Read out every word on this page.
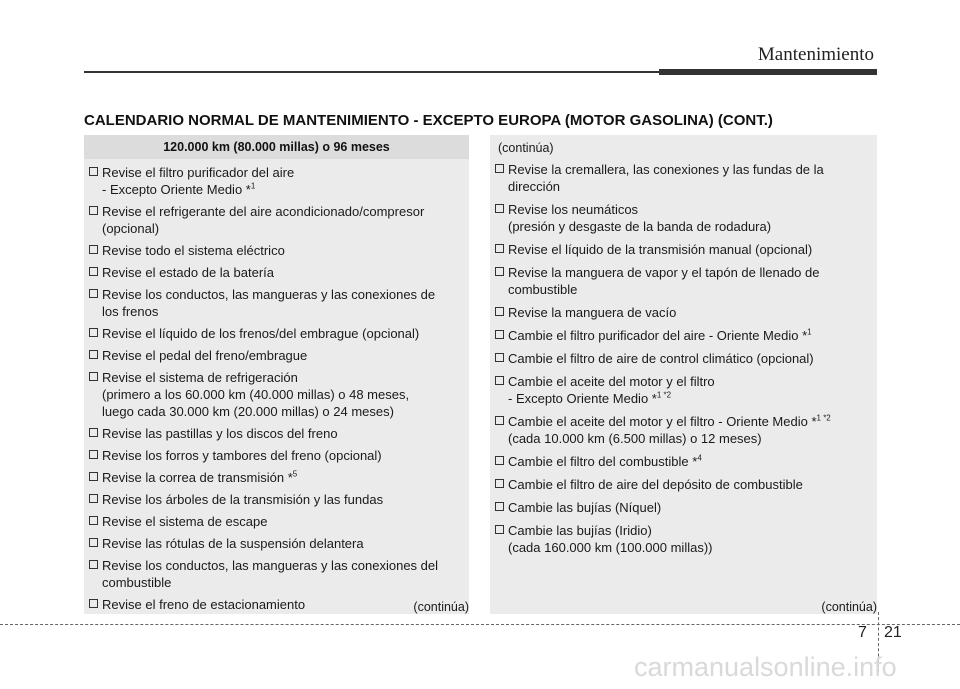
Mantenimiento
CALENDARIO NORMAL DE MANTENIMIENTO - EXCEPTO EUROPA (MOTOR GASOLINA) (CONT.)
120.000 km (80.000 millas) o 96 meses
Revise el filtro purificador del aire
- Excepto Oriente Medio *$^1$
Revise el refrigerante del aire acondicionado/compresor
(opcional)
Revise todo el sistema eléctrico
Revise el estado de la batería
Revise los conductos, las mangueras y las conexiones de
los frenos
Revise el líquido de los frenos/del embrague (opcional)
Revise el pedal del freno/embrague
Revise el sistema de refrigeración
(primero a los 60.000 km (40.000 millas) o 48 meses,
luego cada 30.000 km (20.000 millas) o 24 meses)
Revise las pastillas y los discos del freno
Revise los forros y tambores del freno (opcional)
Revise la correa de transmisión *$^5$
Revise los árboles de la transmisión y las fundas
Revise el sistema de escape
Revise las rótulas de la suspensión delantera
Revise los conductos, las mangueras y las conexiones del
combustible
Revise el freno de estacionamiento	(continúa)
(continúa)
Revise la cremallera, las conexiones y las fundas de la
dirección
Revise los neumáticos
(presión y desgaste de la banda de rodadura)
Revise el líquido de la transmisión manual (opcional)
Revise la manguera de vapor y el tapón de llenado de
combustible
Revise la manguera de vacío
Cambie el filtro purificador del aire - Oriente Medio *$^1$
Cambie el filtro de aire de control climático (opcional)
Cambie el aceite del motor y el filtro
- Excepto Oriente Medio *$^{1 *2}$
Cambie el aceite del motor y el filtro - Oriente Medio *$^{1 *2}$
(cada 10.000 km (6.500 millas) o 12 meses)
Cambie el filtro del combustible *$^4$
Cambie el filtro de aire del depósito de combustible
Cambie las bujías (Níquel)
Cambie las bujías (Iridio)
(cada 160.000 km (100.000 millas))
(continúa)
7 21
carmanualsonline.info
